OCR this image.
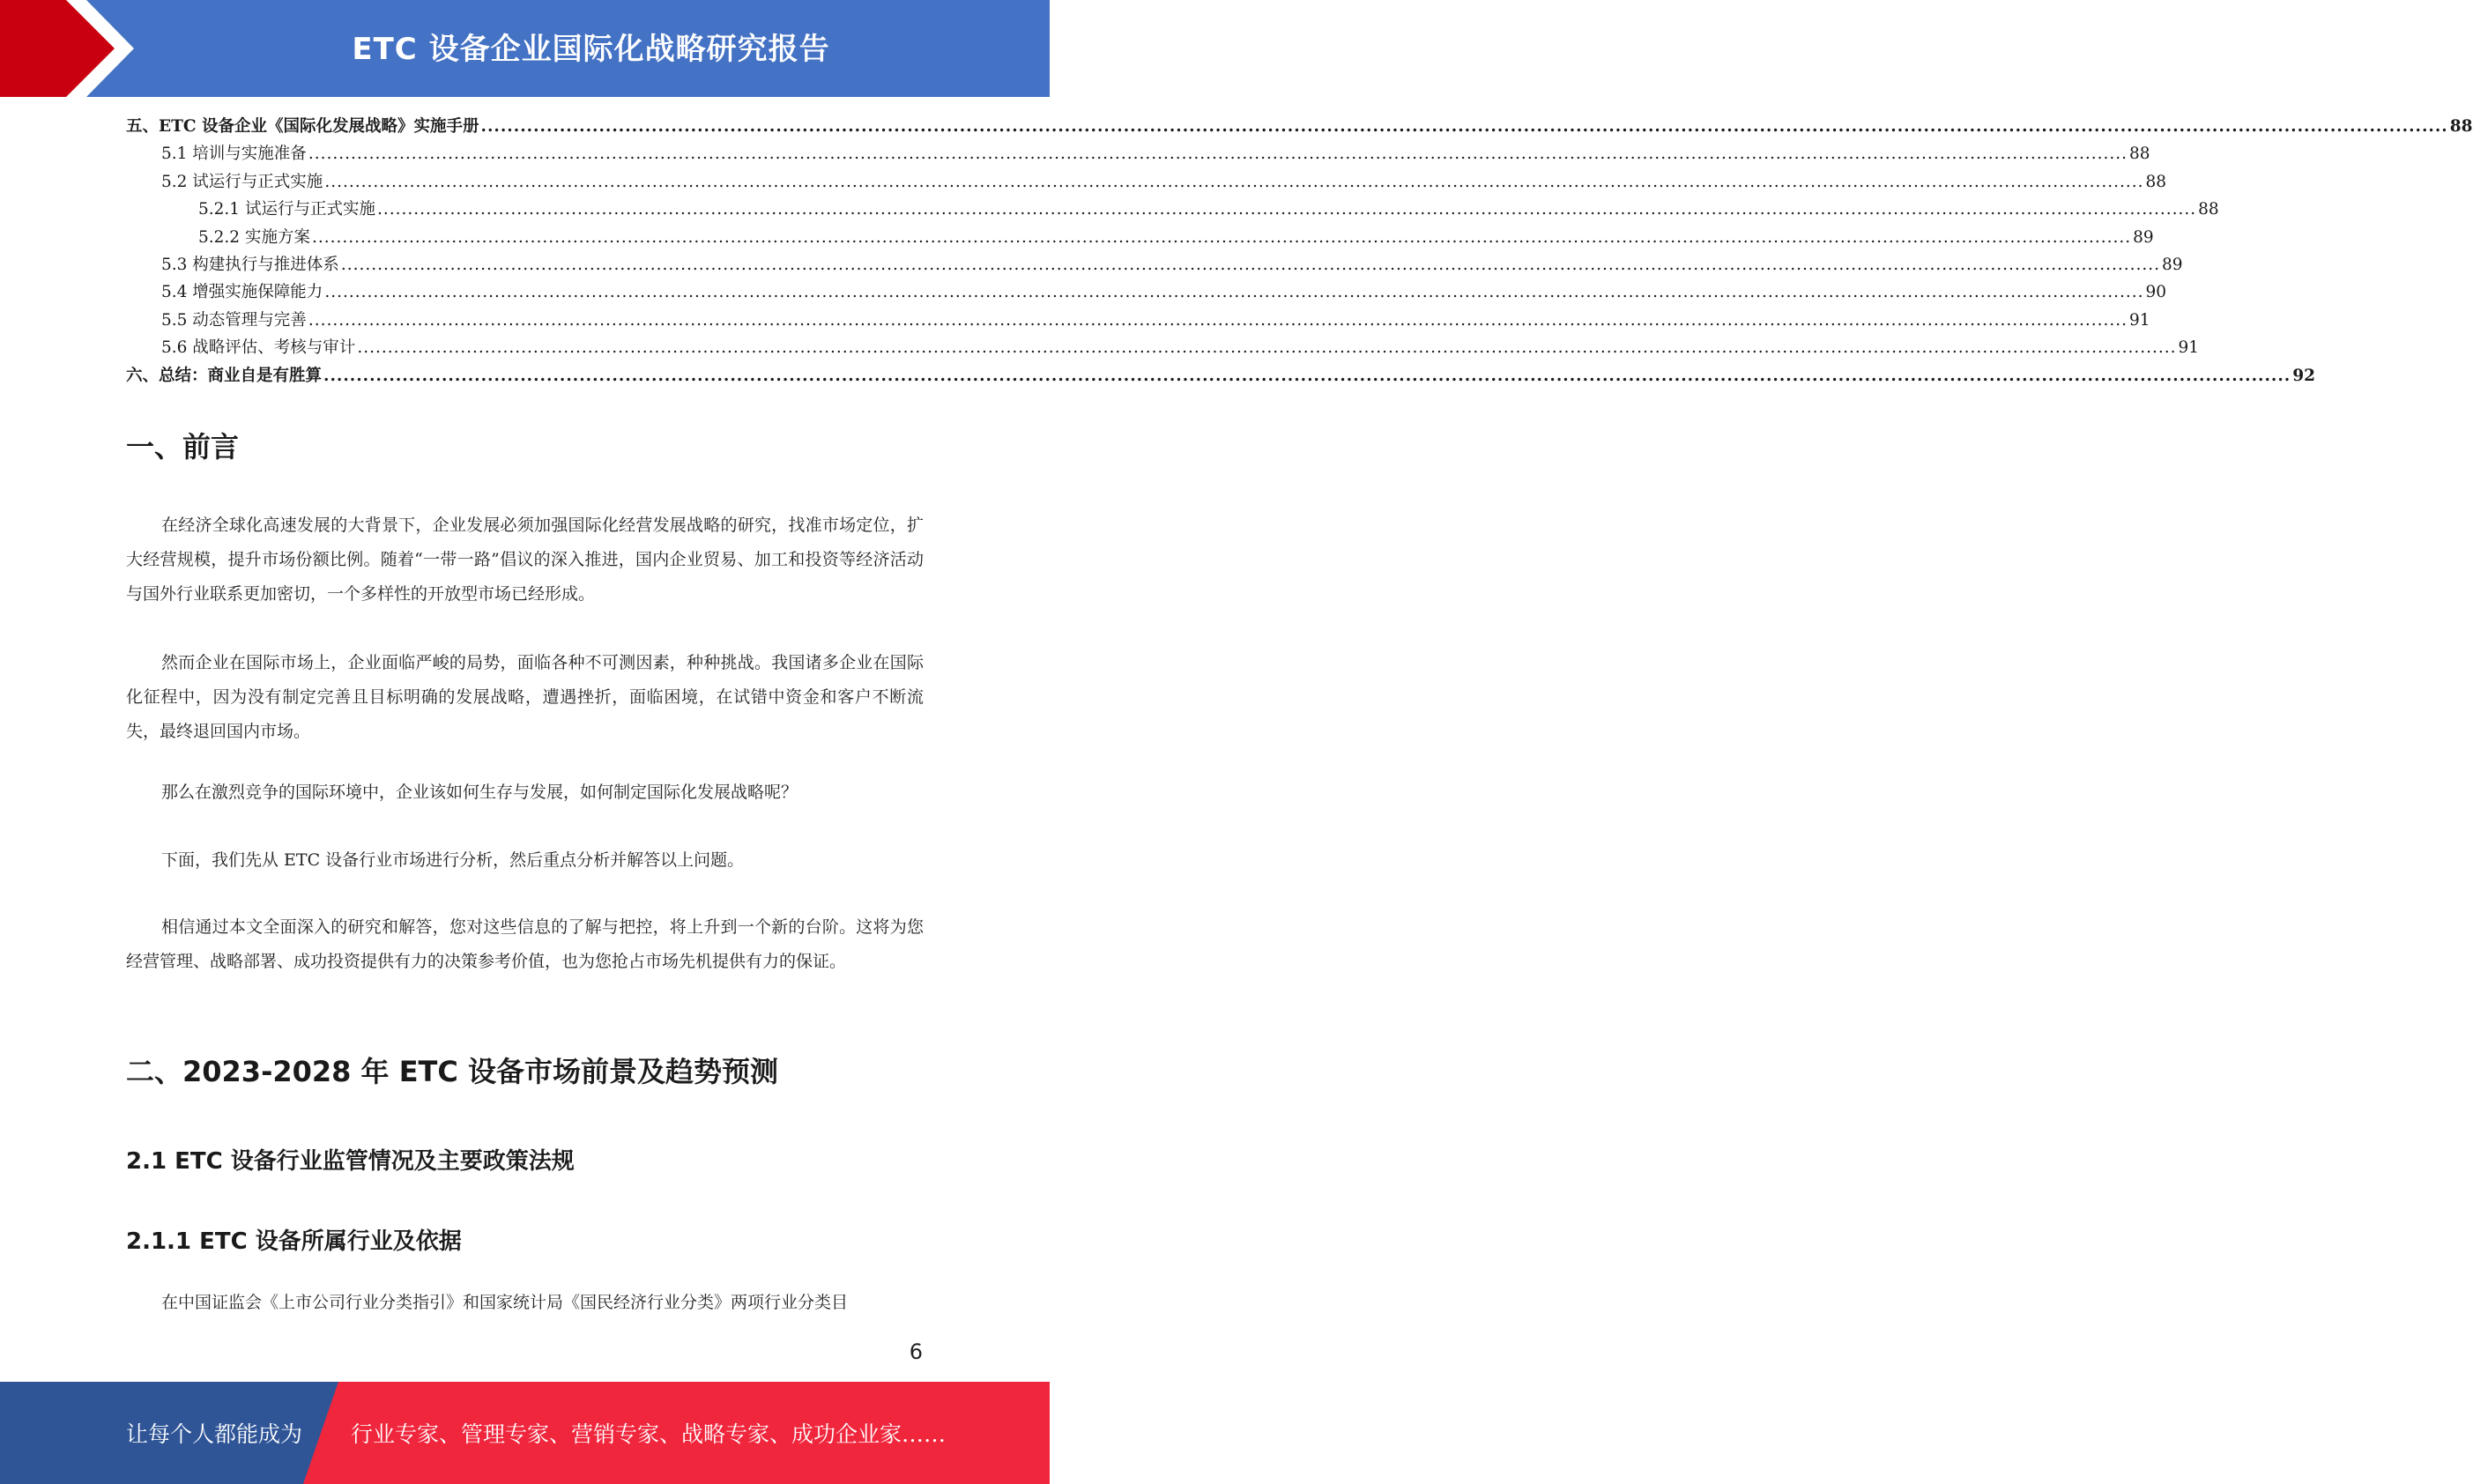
ETC 设备企业国际化战略研究报告
五、ETC 设备企业《国际化发展战略》实施手册 ............................................................................................................................................................................................................................................................................................................ 88
5.1 培训与实施准备 ............................................................................................................................................................................................................................................................................................................ 88
5.2 试运行与正式实施 ............................................................................................................................................................................................................................................................................................................ 88
5.2.1 试运行与正式实施 ............................................................................................................................................................................................................................................................................................................ 88
5.2.2 实施方案 ............................................................................................................................................................................................................................................................................................................ 89
5.3 构建执行与推进体系 ............................................................................................................................................................................................................................................................................................................ 89
5.4 增强实施保障能力 ............................................................................................................................................................................................................................................................................................................ 90
5.5 动态管理与完善 ............................................................................................................................................................................................................................................................................................................ 91
5.6 战略评估、考核与审计 ............................................................................................................................................................................................................................................................................................................ 91
六、总结：商业自是有胜算 ............................................................................................................................................................................................................................................................................................................ 92
一、前言

在经济全球化高速发展的大背景下，企业发展必须加强国际化经营发展战略的研究，找准市场定位，扩大经营规模，提升市场份额比例。随着“一带一路”倡议的深入推进，国内企业贸易、加工和投资等经济活动与国外行业联系更加密切，一个多样性的开放型市场已经形成。

然而企业在国际市场上，企业面临严峻的局势，面临各种不可测因素，种种挑战。我国诸多企业在国际化征程中，因为没有制定完善且目标明确的发展战略，遭遇挫折，面临困境，在试错中资金和客户不断流失，最终退回国内市场。

那么在激烈竞争的国际环境中，企业该如何生存与发展，如何制定国际化发展战略呢？

下面，我们先从 ETC 设备行业市场进行分析，然后重点分析并解答以上问题。

相信通过本文全面深入的研究和解答，您对这些信息的了解与把控，将上升到一个新的台阶。这将为您经营管理、战略部署、成功投资提供有力的决策参考价值，也为您抢占市场先机提供有力的保证。

二、2023-2028 年 ETC 设备市场前景及趋势预测
2.1 ETC 设备行业监管情况及主要政策法规
2.1.1 ETC 设备所属行业及依据

在中国证监会《上市公司行业分类指引》和国家统计局《国民经济行业分类》两项行业分类目

6
让每个人都能成为 行业专家、管理专家、营销专家、战略专家、成功企业家……
